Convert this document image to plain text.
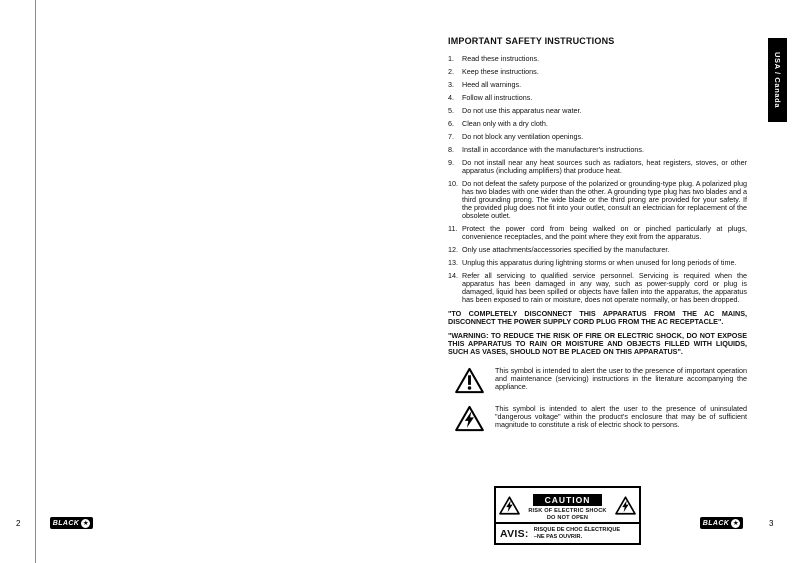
USA / Canada
IMPORTANT SAFETY INSTRUCTIONS
1.	Read these instructions.
2.	Keep these instructions.
3.	Heed all warnings.
4.	Follow all instructions.
5.	Do not use this apparatus near water.
6.	Clean only with a dry cloth.
7.	Do not block any ventilation openings.
8.	Install in accordance with the manufacturer's instructions.
9.	Do not install near any heat sources such as radiators, heat registers, stoves, or other apparatus (including amplifiers) that produce heat.
10. Do not defeat the safety purpose of the polarized or grounding-type plug. A polarized plug has two blades with one wider than the other. A grounding type plug has two blades and a third grounding prong. The wide blade or the third prong are provided for your safety. If the provided plug does not fit into your outlet, consult an electrician for replacement of the obsolete outlet.
11. Protect the power cord from being walked on or pinched particularly at plugs, convenience receptacles, and the point where they exit from the apparatus.
12. Only use attachments/accessories specified by the manufacturer.
13. Unplug this apparatus during lightning storms or when unused for long periods of time.
14. Refer all servicing to qualified service personnel. Servicing is required when the apparatus has been damaged in any way, such as power-supply cord or plug is damaged, liquid has been spilled or objects have fallen into the apparatus, the apparatus has been exposed to rain or moisture, does not operate normally, or has been dropped.
"TO COMPLETELY DISCONNECT THIS APPARATUS FROM THE AC MAINS, DISCONNECT THE POWER SUPPLY CORD PLUG FROM THE AC RECEPTACLE".
"WARNING: TO REDUCE THE RISK OF FIRE OR ELECTRIC SHOCK, DO NOT EXPOSE THIS APPARATUS TO RAIN OR MOISTURE AND OBJECTS FILLED WITH LIQUIDS, SUCH AS VASES, SHOULD NOT BE PLACED ON THIS APPARATUS".
This symbol is intended to alert the user to the presence of important operation and maintenance (servicing) instructions in the literature accompanying the appliance.
This symbol is intended to alert the user to the presence of uninsulated "dangerous voltage" within the product's enclosure that may be of sufficient magnitude to constitute a risk of electric shock to persons.
CAUTION
RISK OF ELECTRIC SHOCK
DO NOT OPEN
AVIS: RISQUE DE CHOC ÉLECTRIQUE
–NE PAS OUVRIR.
2	BLACK ★	BLACK ★	3
